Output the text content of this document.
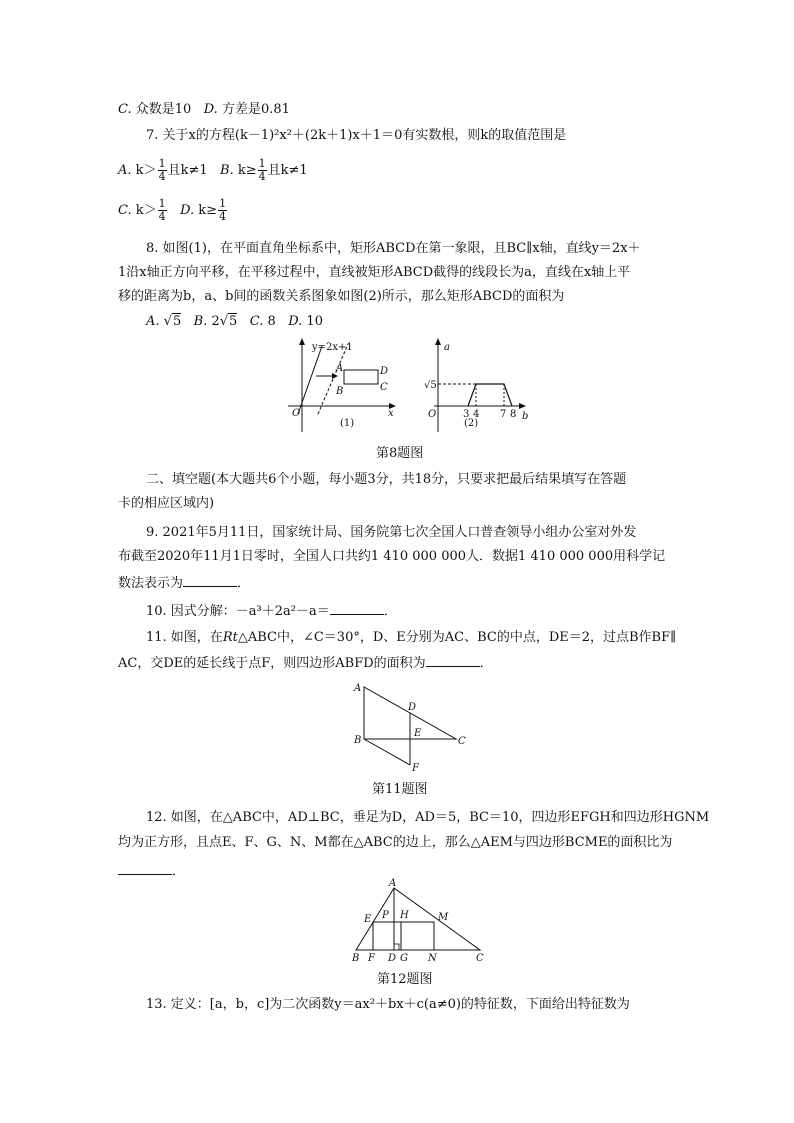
C. 众数是10 D. 方差是0.81
7. 关于x的方程(k－1)²x²＋(2k＋1)x＋1＝0有实数根，则k的取值范围是
A. $k> \frac{1}{4}$ 且k≠1 B. $k\ge \frac{1}{4}$ 且k≠1
C. $k> \frac{1}{4} D$. $k\ge \frac{1}{4}$
8. 如图(1)，在平面直角坐标系中，矩形ABCD在第一象限，且BC∥x轴，直线y＝2x＋
1沿x轴正方向平移，在平移过程中，直线被矩形ABCD截得的线段长为a，直线在x轴上平
移的距离为b，a、b间的函数关系图象如图(2)所示，那么矩形ABCD的面积为
A. √5 B. 2√5 C. 8 D. 10
y=2x+1
A
B	C
D
O	x
(1)
a
√5
O	3 4 7 8 b
(2)
第8题图
二、填空题(本大题共6个小题，每小题3分，共18分，只要求把最后结果填写在答题
卡的相应区域内)
9. 2021年5月11日，国家统计局、国务院第七次全国人口普查领导小组办公室对外发
布截至2020年11月1日零时，全国人口共约1 410 000 000人．数据1 410 000 000用科学记
数法表示为	．
10. 因式分解：－a³＋2a²－a＝	．
11. 如图，在Rt△ABC中，∠C＝30°，D、E分别为AC、BC的中点，DE＝2，过点B作BF∥
AC，交DE的延长线于点F，则四边形ABFD的面积为	．
A
B	C
D
E
F
第11题图
12. 如图，在△ABC中，AD⊥BC，垂足为D，AD＝5，BC＝10，四边形EFGH和四边形HGNM
均为正方形，且点E、F、G、N、M都在△ABC的边上，那么△AEM与四边形BCME的面积比为
．
A
E P H	M
B F D G N	C
第12题图
13. 定义：[a，b，c]为二次函数y＝ax²＋bx＋c(a≠0)的特征数，下面给出特征数为
